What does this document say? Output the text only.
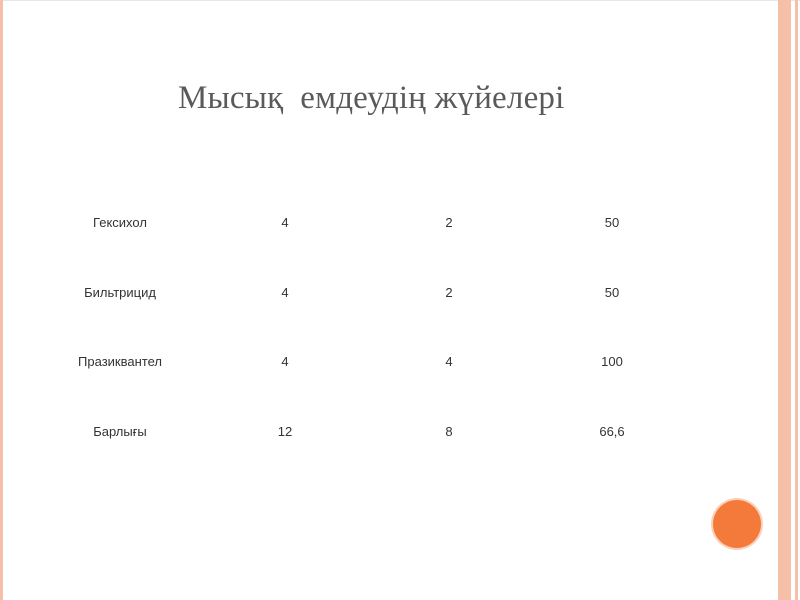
Мысық  емдеудің жүйелері
Гексихол	4	2	50
Бильтрицид	4	2	50
Празиквантел	4	4	100
Барлығы	12	8	66,6
